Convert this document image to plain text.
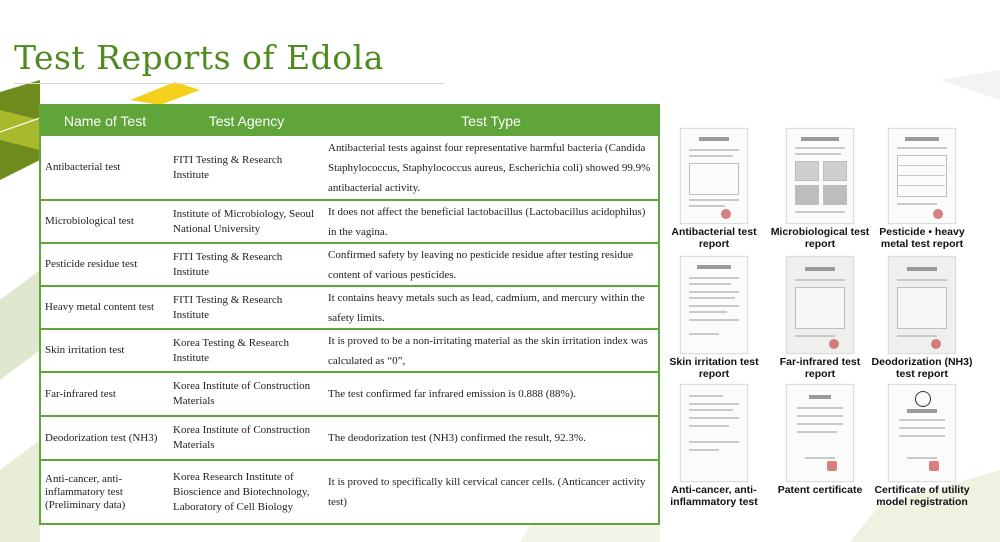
Test Reports of Edola
Name of Test	Test Agency	Test Type
Antibacterial test	FITI Testing & Research Institute	Antibacterial tests against four representative harmful bacteria (Candida Staphylococcus, Staphylococcus aureus, Escherichia coli) showed 99.9% antibacterial activity.
Microbiological test	Institute of Microbiology, Seoul National University	It does not affect the beneficial lactobacillus (Lactobacillus acidophilus) in the vagina.
Pesticide residue test	FITI Testing & Research Institute	Confirmed safety by leaving no pesticide residue after testing residue content of various pesticides.
Heavy metal content test	FITI Testing & Research Institute	It contains heavy metals such as lead, cadmium, and mercury within the safety limits.
Skin irritation test	Korea Testing & Research Institute	It is proved to be a non-irritating material as the skin irritation index was calculated as “0”,
Far-infrared test	Korea Institute of Construction Materials	The test confirmed far infrared emission is 0.888 (88%).
Deodorization test (NH3)	Korea Institute of Construction Materials	The deodorization test (NH3) confirmed the result, 92.3%.
Anti-cancer, anti-inflammatory test (Preliminary data)	Korea Research Institute of Bioscience and Biotechnology, Laboratory of Cell Biology	It is proved to specifically kill cervical cancer cells. (Anticancer activity test)
Antibacterial test report
Microbiological test report
Pesticide • heavy metal test report
Skin irritation test report
Far-infrared test report
Deodorization (NH3) test report
Anti-cancer, anti-inflammatory test
Patent certificate	Certificate of utility model registration
